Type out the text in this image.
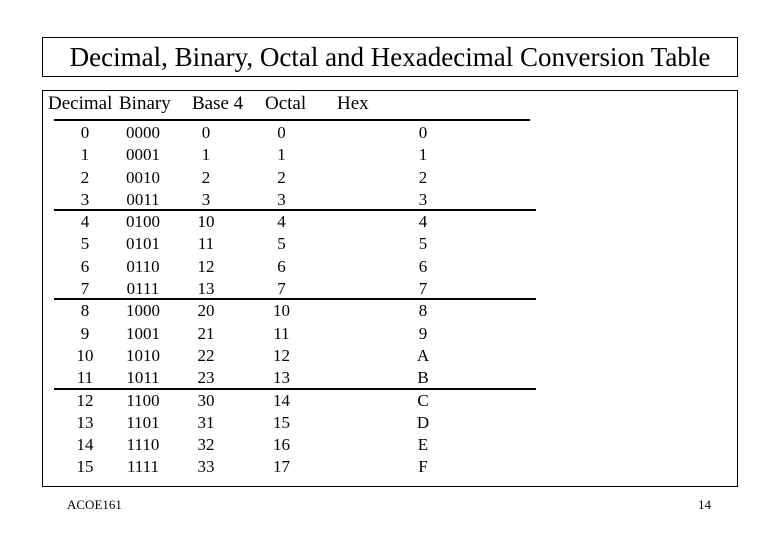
Decimal, Binary, Octal and Hexadecimal Conversion Table
Decimal Binary Base 4 Octal Hex
0
1
2
3
4
5
6
7
8
9
10
11
12
13
14
15
0000
0001
0010
0011
0100
0101
0110
0111
1000
1001
1010
1011
1100
1101
1110
1111
0
1
2
3
10
11
12
13
20
21
22
23
30
31
32
33
0
1
2
3
4
5
6
7
10
11
12
13
14
15
16
17
0
1
2
3
4
5
6
7
8
9
A
B
C
D
E
F
ACOE161	14
